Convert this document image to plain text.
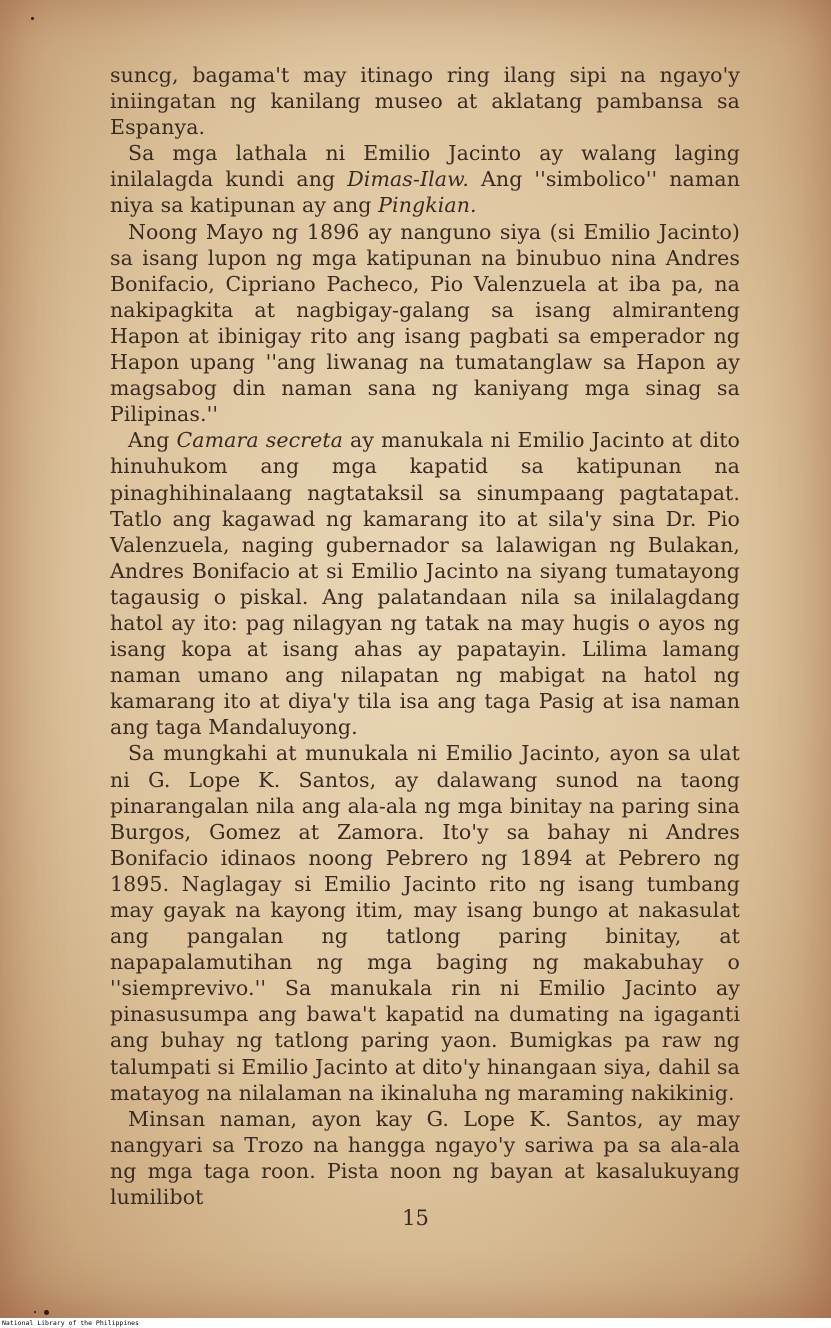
suncg, bagama't may itinago ring ilang sipi na ngayo'y iniingatan ng kanilang museo at aklatang pambansa sa Espanya.

Sa mga lathala ni Emilio Jacinto ay walang laging inilalagda kundi ang Dimas-Ilaw. Ang ''simbolico'' naman niya sa katipunan ay ang Pingkian.

Noong Mayo ng 1896 ay nanguno siya (si Emilio Jacinto) sa isang lupon ng mga katipunan na binubuo nina Andres Bonifacio, Cipriano Pacheco, Pio Valenzuela at iba pa, na nakipagkita at nagbigay-galang sa isang almiranteng Hapon at ibinigay rito ang isang pagbati sa emperador ng Hapon upang ''ang liwanag na tumatanglaw sa Hapon ay magsabog din naman sana ng kaniyang mga sinag sa Pilipinas.''

Ang Camara secreta ay manukala ni Emilio Jacinto at dito hinuhukom ang mga kapatid sa katipunan na pinaghihinalaang nagtataksil sa sinumpaang pagtatapat. Tatlo ang kagawad ng kamarang ito at sila'y sina Dr. Pio Valenzuela, naging gubernador sa lalawigan ng Bulakan, Andres Bonifacio at si Emilio Jacinto na siyang tumatayong tagausig o piskal. Ang palatandaan nila sa inilalagdang hatol ay ito: pag nilagyan ng tatak na may hugis o ayos ng isang kopa at isang ahas ay papatayin. Lilima lamang naman umano ang nilapatan ng mabigat na hatol ng kamarang ito at diya'y tila isa ang taga Pasig at isa naman ang taga Mandaluyong.

Sa mungkahi at munukala ni Emilio Jacinto, ayon sa ulat ni G. Lope K. Santos, ay dalawang sunod na taong pinarangalan nila ang ala-ala ng mga binitay na paring sina Burgos, Gomez at Zamora. Ito'y sa bahay ni Andres Bonifacio idinaos noong Pebrero ng 1894 at Pebrero ng 1895. Naglagay si Emilio Jacinto rito ng isang tumbang may gayak na kayong itim, may isang bungo at nakasulat ang pangalan ng tatlong paring binitay, at napapalamutihan ng mga baging ng makabuhay o ''siemprevivo.'' Sa manukala rin ni Emilio Jacinto ay pinasusumpa ang bawa't kapatid na dumating na igaganti ang buhay ng tatlong paring yaon. Bumigkas pa raw ng talumpati si Emilio Jacinto at dito'y hinangaan siya, dahil sa matayog na nilalaman na ikinaluha ng maraming nakikinig.

Minsan naman, ayon kay G. Lope K. Santos, ay may nangyari sa Trozo na hangga ngayo'y sariwa pa sa ala-ala ng mga taga roon. Pista noon ng bayan at kasalukuyang lumilibot

15
National Library of the Philippines
